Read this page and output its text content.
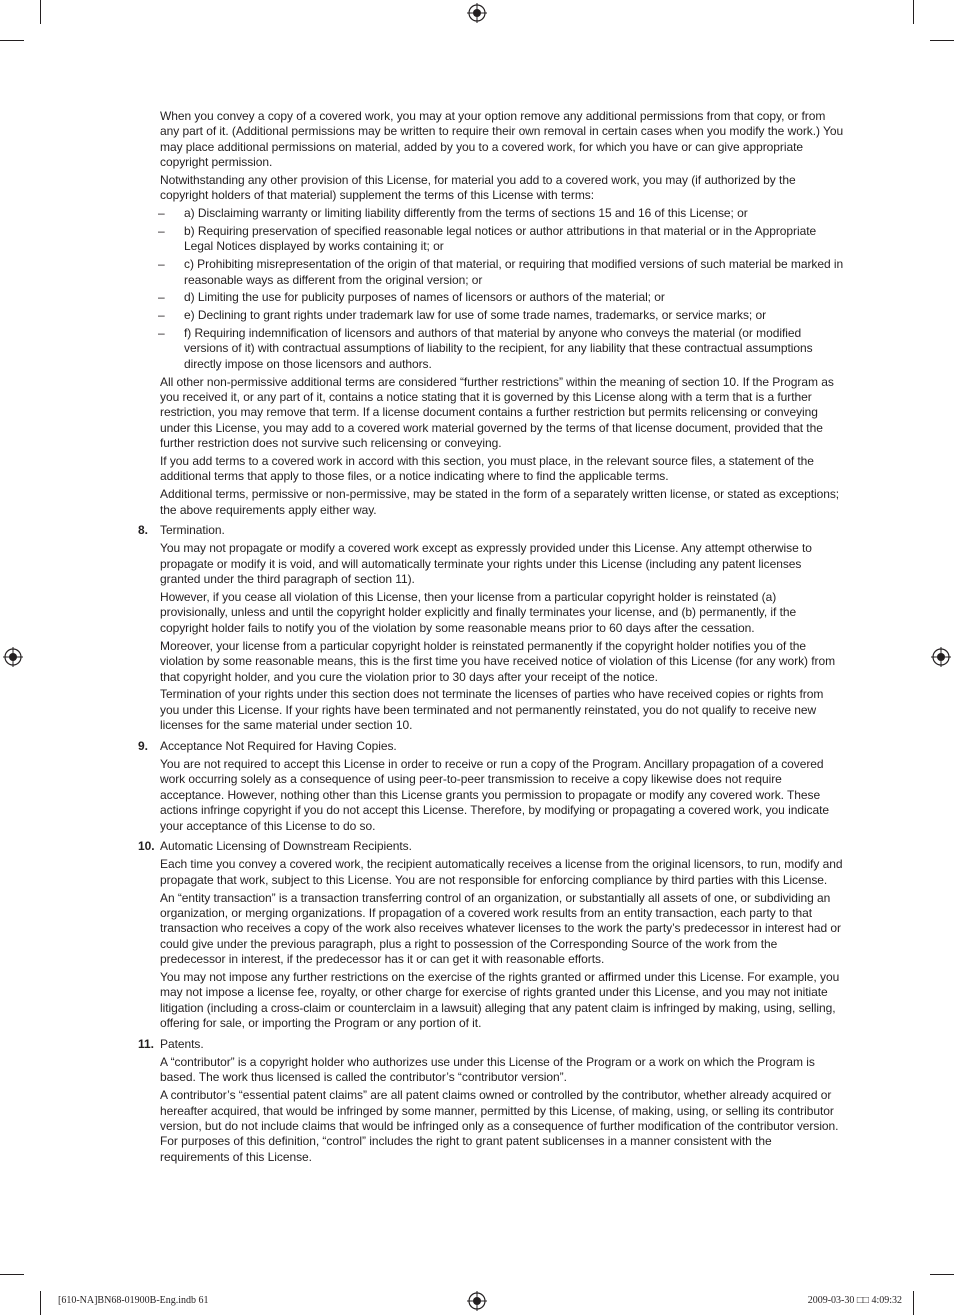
When you convey a copy of a covered work, you may at your option remove any additional permissions from that copy, or from any part of it. (Additional permissions may be written to require their own removal in certain cases when you modify the work.) You may place additional permissions on material, added by you to a covered work, for which you have or can give appropriate copyright permission.

Notwithstanding any other provision of this License, for material you add to a covered work, you may (if authorized by the copyright holders of that material) supplement the terms of this License with terms:

– a) Disclaiming warranty or limiting liability differently from the terms of sections 15 and 16 of this License; or
– b) Requiring preservation of specified reasonable legal notices or author attributions in that material or in the Appropriate Legal Notices displayed by works containing it; or
– c) Prohibiting misrepresentation of the origin of that material, or requiring that modified versions of such material be marked in reasonable ways as different from the original version; or
– d) Limiting the use for publicity purposes of names of licensors or authors of the material; or
– e) Declining to grant rights under trademark law for use of some trade names, trademarks, or service marks; or
– f) Requiring indemnification of licensors and authors of that material by anyone who conveys the material (or modified versions of it) with contractual assumptions of liability to the recipient, for any liability that these contractual assumptions directly impose on those licensors and authors.

All other non-permissive additional terms are considered “further restrictions” within the meaning of section 10. If the Program as you received it, or any part of it, contains a notice stating that it is governed by this License along with a term that is a further restriction, you may remove that term. If a license document contains a further restriction but permits relicensing or conveying under this License, you may add to a covered work material governed by the terms of that license document, provided that the further restriction does not survive such relicensing or conveying.

If you add terms to a covered work in accord with this section, you must place, in the relevant source files, a statement of the additional terms that apply to those files, or a notice indicating where to find the applicable terms.

Additional terms, permissive or non-permissive, may be stated in the form of a separately written license, or stated as exceptions; the above requirements apply either way.

8. Termination.

You may not propagate or modify a covered work except as expressly provided under this License. Any attempt otherwise to propagate or modify it is void, and will automatically terminate your rights under this License (including any patent licenses granted under the third paragraph of section 11).

However, if you cease all violation of this License, then your license from a particular copyright holder is reinstated (a) provisionally, unless and until the copyright holder explicitly and finally terminates your license, and (b) permanently, if the copyright holder fails to notify you of the violation by some reasonable means prior to 60 days after the cessation.

Moreover, your license from a particular copyright holder is reinstated permanently if the copyright holder notifies you of the violation by some reasonable means, this is the first time you have received notice of violation of this License (for any work) from that copyright holder, and you cure the violation prior to 30 days after your receipt of the notice.

Termination of your rights under this section does not terminate the licenses of parties who have received copies or rights from you under this License. If your rights have been terminated and not permanently reinstated, you do not qualify to receive new licenses for the same material under section 10.

9. Acceptance Not Required for Having Copies.

You are not required to accept this License in order to receive or run a copy of the Program. Ancillary propagation of a covered work occurring solely as a consequence of using peer-to-peer transmission to receive a copy likewise does not require acceptance. However, nothing other than this License grants you permission to propagate or modify any covered work. These actions infringe copyright if you do not accept this License. Therefore, by modifying or propagating a covered work, you indicate your acceptance of this License to do so.

10. Automatic Licensing of Downstream Recipients.

Each time you convey a covered work, the recipient automatically receives a license from the original licensors, to run, modify and propagate that work, subject to this License. You are not responsible for enforcing compliance by third parties with this License.

An “entity transaction” is a transaction transferring control of an organization, or substantially all assets of one, or subdividing an organization, or merging organizations. If propagation of a covered work results from an entity transaction, each party to that transaction who receives a copy of the work also receives whatever licenses to the work the party’s predecessor in interest had or could give under the previous paragraph, plus a right to possession of the Corresponding Source of the work from the predecessor in interest, if the predecessor has it or can get it with reasonable efforts.

You may not impose any further restrictions on the exercise of the rights granted or affirmed under this License. For example, you may not impose a license fee, royalty, or other charge for exercise of rights granted under this License, and you may not initiate litigation (including a cross-claim or counterclaim in a lawsuit) alleging that any patent claim is infringed by making, using, selling, offering for sale, or importing the Program or any portion of it.

11. Patents.

A “contributor” is a copyright holder who authorizes use under this License of the Program or a work on which the Program is based. The work thus licensed is called the contributor’s “contributor version”.

A contributor’s “essential patent claims” are all patent claims owned or controlled by the contributor, whether already acquired or hereafter acquired, that would be infringed by some manner, permitted by this License, of making, using, or selling its contributor version, but do not include claims that would be infringed only as a consequence of further modification of the contributor version. For purposes of this definition, “control” includes the right to grant patent sublicenses in a manner consistent with the requirements of this License.

[610-NA]BN68-01900B-Eng.indb 61	2009-03-30 □□ 4:09:32
